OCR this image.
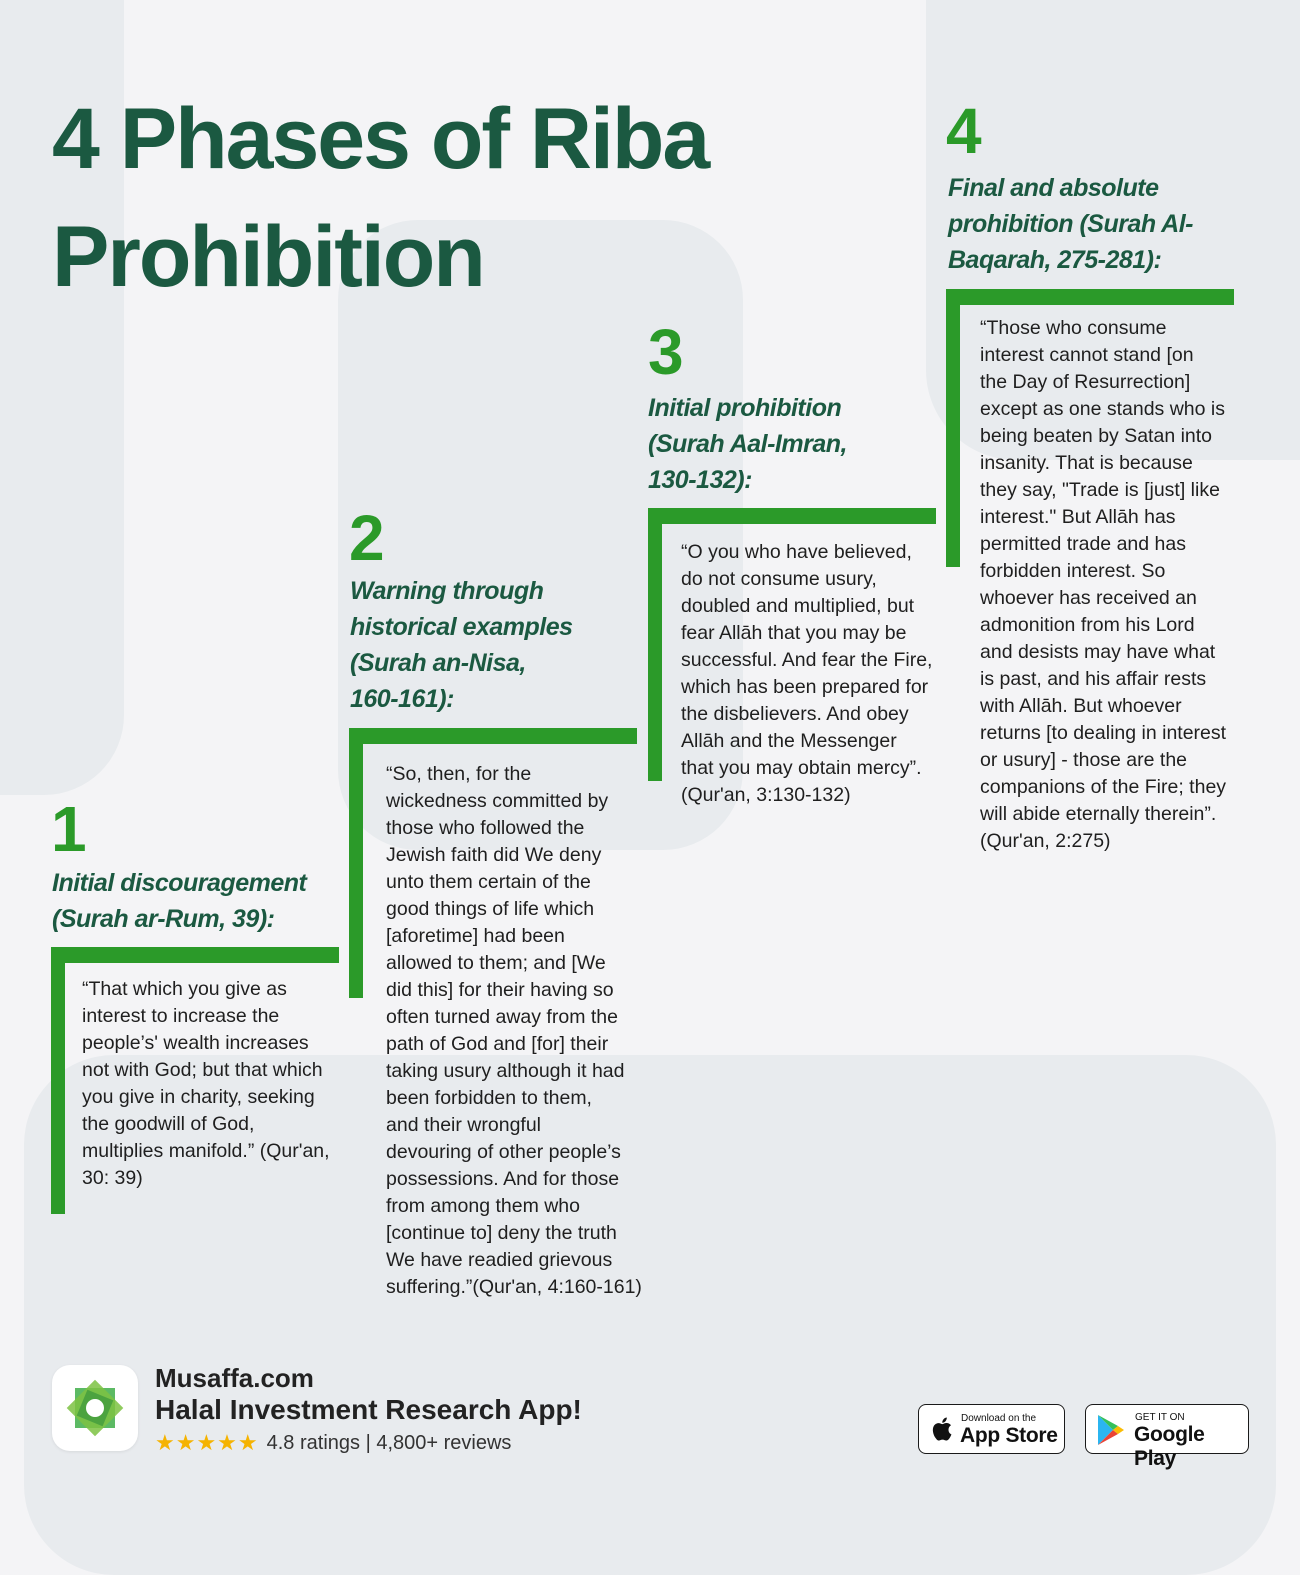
4 Phases of Riba
Prohibition
1
Initial discouragement
(Surah ar-Rum, 39):
“That which you give as
interest to increase the
people’s' wealth increases
not with God; but that which
you give in charity, seeking
the goodwill of God,
multiplies manifold.” (Qur'an,
30: 39)
2
Warning through
historical examples
(Surah an-Nisa,
160-161):
“So, then, for the
wickedness committed by
those who followed the
Jewish faith did We deny
unto them certain of the
good things of life which
[aforetime] had been
allowed to them; and [We
did this] for their having so
often turned away from the
path of God and [for] their
taking usury although it had
been forbidden to them,
and their wrongful
devouring of other people’s
possessions. And for those
from among them who
[continue to] deny the truth
We have readied grievous
suffering.”(Qur'an, 4:160-161)
3
Initial prohibition
(Surah Aal-Imran,
130-132):
“O you who have believed,
do not consume usury,
doubled and multiplied, but
fear Allāh that you may be
successful. And fear the Fire,
which has been prepared for
the disbelievers. And obey
Allāh and the Messenger
that you may obtain mercy”.
(Qur'an, 3:130-132)
4
Final and absolute
prohibition (Surah Al-
Baqarah, 275-281):
“Those who consume
interest cannot stand [on
the Day of Resurrection]
except as one stands who is
being beaten by Satan into
insanity. That is because
they say, "Trade is [just] like
interest." But Allāh has
permitted trade and has
forbidden interest. So
whoever has received an
admonition from his Lord
and desists may have what
is past, and his affair rests
with Allāh. But whoever
returns [to dealing in interest
or usury] - those are the
companions of the Fire; they
will abide eternally therein”.
(Qur'an, 2:275)
Musaffa.com
Halal Investment Research App!
★★★★★ 4.8 ratings | 4,800+ reviews
Download on the
App Store
GET IT ON
Google Play
